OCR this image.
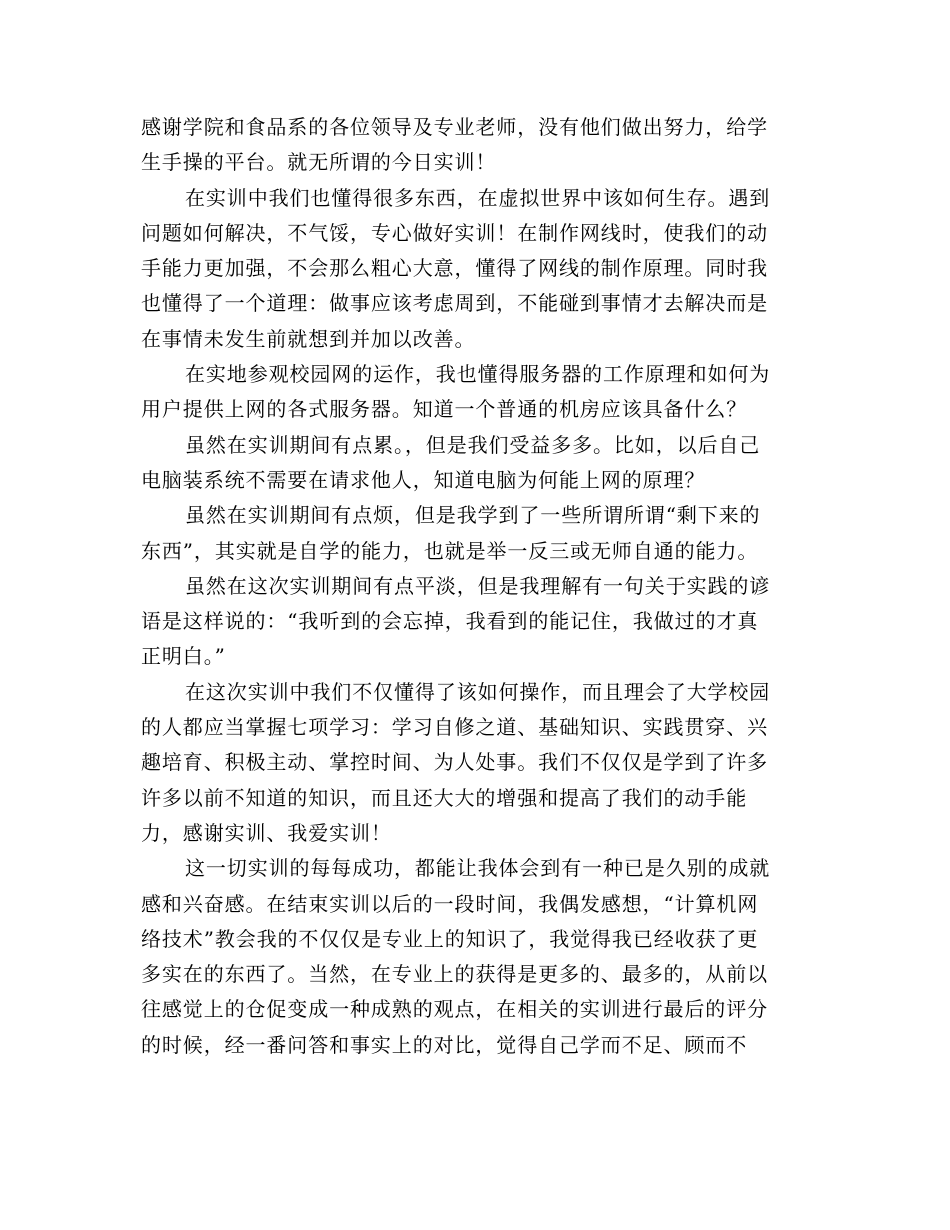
感谢学院和食品系的各位领导及专业老师，没有他们做出努力，给学
生手操的平台。就无所谓的今日实训！
在实训中我们也懂得很多东西，在虚拟世界中该如何生存。遇到
问题如何解决，不气馁，专心做好实训！在制作网线时，使我们的动
手能力更加强，不会那么粗心大意，懂得了网线的制作原理。同时我
也懂得了一个道理：做事应该考虑周到，不能碰到事情才去解决而是
在事情未发生前就想到并加以改善。
在实地参观校园网的运作，我也懂得服务器的工作原理和如何为
用户提供上网的各式服务器。知道一个普通的机房应该具备什么？
虽然在实训期间有点累。，但是我们受益多多。比如，以后自己
电脑装系统不需要在请求他人，知道电脑为何能上网的原理？
虽然在实训期间有点烦，但是我学到了一些所谓所谓“剩下来的
东西”，其实就是自学的能力，也就是举一反三或无师自通的能力。
虽然在这次实训期间有点平淡，但是我理解有一句关于实践的谚
语是这样说的：“我听到的会忘掉，我看到的能记住，我做过的才真
正明白。”
在这次实训中我们不仅懂得了该如何操作，而且理会了大学校园
的人都应当掌握七项学习：学习自修之道、基础知识、实践贯穿、兴
趣培育、积极主动、掌控时间、为人处事。我们不仅仅是学到了许多
许多以前不知道的知识，而且还大大的增强和提高了我们的动手能
力，感谢实训、我爱实训！
这一切实训的每每成功，都能让我体会到有一种已是久别的成就
感和兴奋感。在结束实训以后的一段时间，我偶发感想，“计算机网
络技术”教会我的不仅仅是专业上的知识了，我觉得我已经收获了更
多实在的东西了。当然，在专业上的获得是更多的、最多的，从前以
往感觉上的仓促变成一种成熟的观点，在相关的实训进行最后的评分
的时候，经一番问答和事实上的对比，觉得自己学而不足、顾而不
